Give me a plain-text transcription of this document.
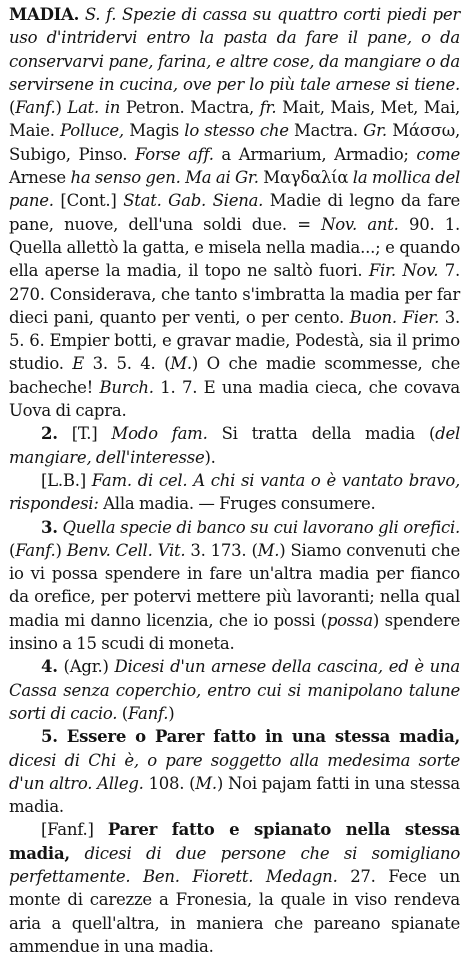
MADIA. S. f. Spezie di cassa su quattro corti piedi per uso d'intridervi entro la pasta da fare il pane, o da conservarvi pane, farina, e altre cose, da mangiare o da servirsene in cucina, ove per lo più tale arnese si tiene. (Fanf.) Lat. in Petron. Mactra, fr. Mait, Mais, Met, Mai, Maie. Polluce, Magis lo stesso che Mactra. Gr. Μάσσω, Subigo, Pinso. Forse aff. a Armarium, Armadio; come Arnese ha senso gen. Ma ai Gr. Μαγδαλία la mollica del pane. [Cont.] Stat. Gab. Siena. Madie di legno da fare pane, nuove, dell'una soldi due. = Nov. ant. 90. 1. Quella allettò la gatta, e misela nella madia...; e quando ella aperse la madia, il topo ne saltò fuori. Fir. Nov. 7. 270. Considerava, che tanto s'imbratta la madia per far dieci pani, quanto per venti, o per cento. Buon. Fier. 3. 5. 6. Empier botti, e gravar madie, Podestà, sia il primo studio. E 3. 5. 4. (M.) O che madie scommesse, che bacheche! Burch. 1. 7. E una madia cieca, che covava Uova di capra.

2. [T.] Modo fam. Si tratta della madia (del mangiare, dell'interesse).

[L.B.] Fam. di cel. A chi si vanta o è vantato bravo, rispondesi: Alla madia. — Fruges consumere.

3. Quella specie di banco su cui lavorano gli orefici. (Fanf.) Benv. Cell. Vit. 3. 173. (M.) Siamo convenuti che io vi possa spendere in fare un'altra madia per fianco da orefice, per potervi mettere più lavoranti; nella qual madia mi danno licenzia, che io possi (possa) spendere insino a 15 scudi di moneta.

4. (Agr.) Dicesi d'un arnese della cascina, ed è una Cassa senza coperchio, entro cui si manipolano talune sorti di cacio. (Fanf.)

5. Essere o Parer fatto in una stessa madia, dicesi di Chi è, o pare soggetto alla medesima sorte d'un altro. Alleg. 108. (M.) Noi pajam fatti in una stessa madia.

[Fanf.] Parer fatto e spianato nella stessa madia, dicesi di due persone che si somigliano perfettamente. Ben. Fiorett. Medagn. 27. Fece un monte di carezze a Fronesia, la quale in viso rendeva aria a quell'altra, in maniera che pareano spianate ammendue in una madia.
